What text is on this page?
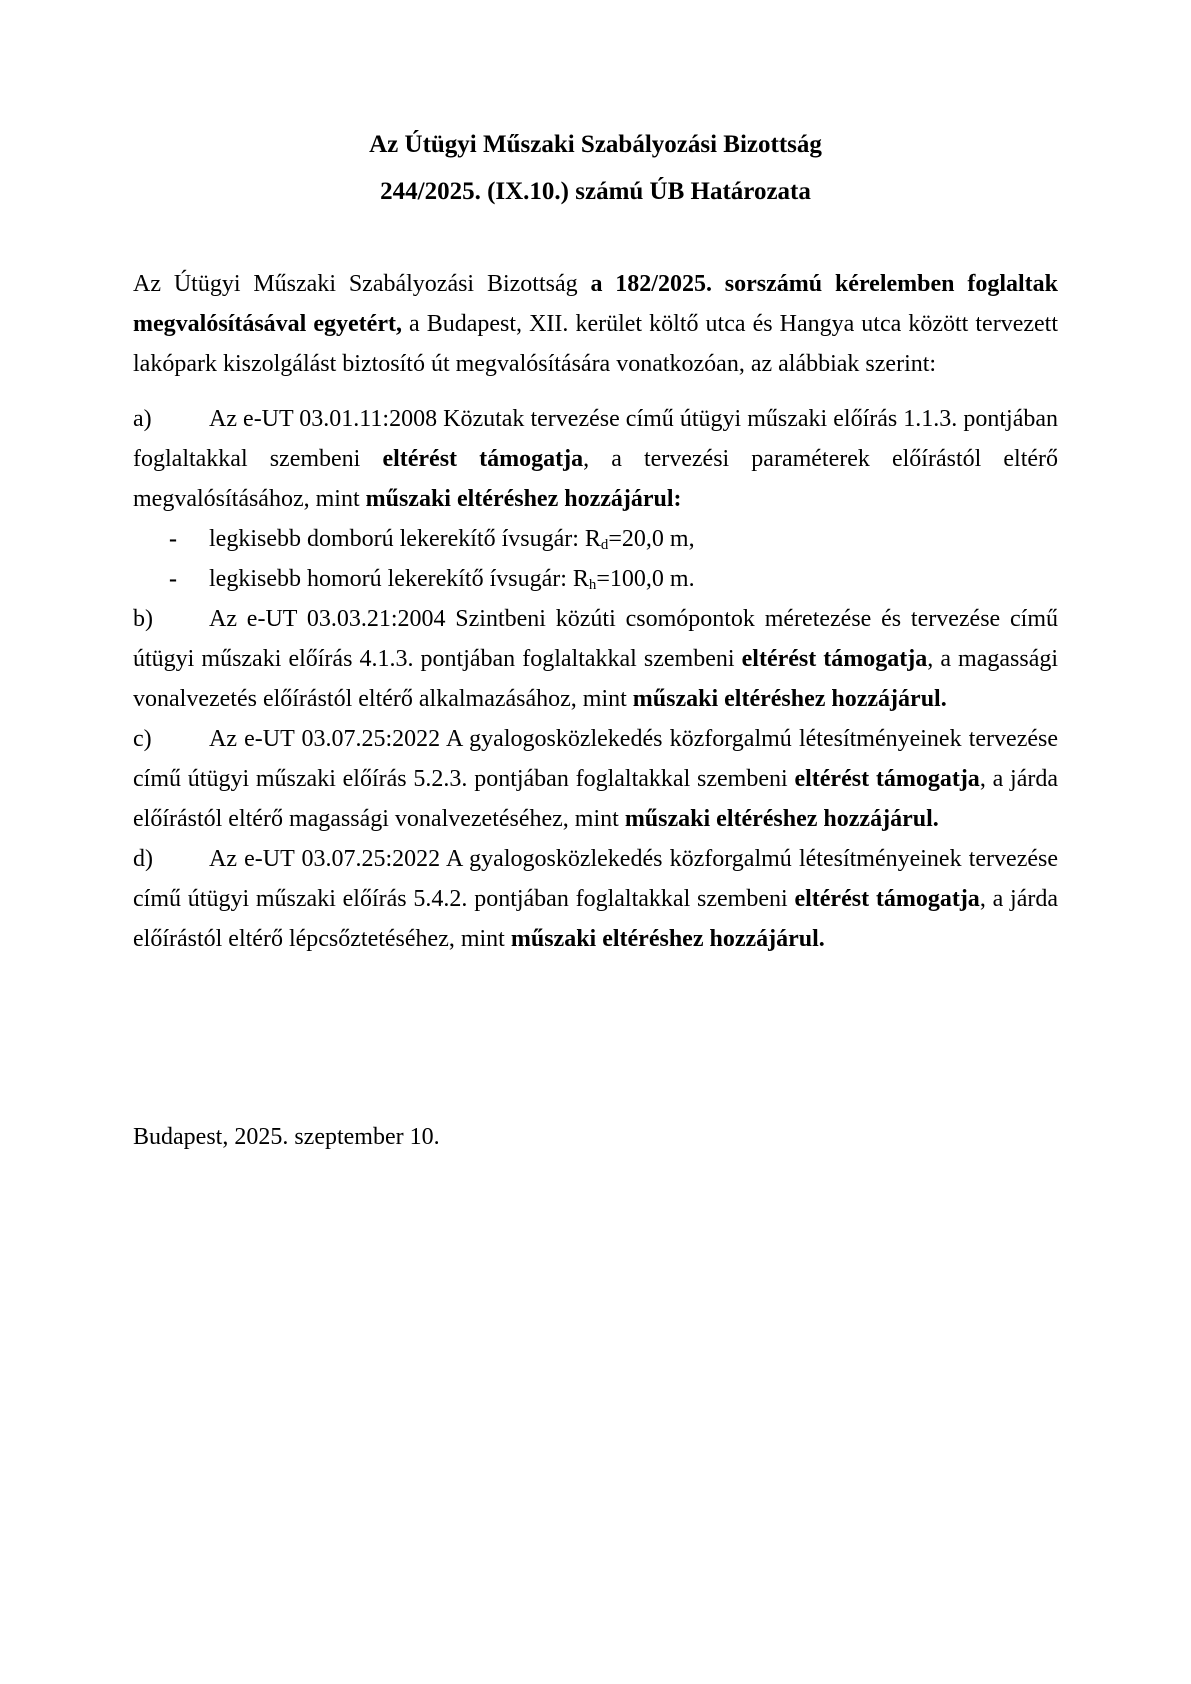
Az Útügyi Műszaki Szabályozási Bizottság

244/2025. (IX.10.) számú ÚB Határozata

Az Útügyi Műszaki Szabályozási Bizottság a 182/2025. sorszámú kérelemben foglaltak megvalósításával egyetért, a Budapest, XII. kerület költő utca és Hangya utca között tervezett lakópark kiszolgálást biztosító út megvalósítására vonatkozóan, az alábbiak szerint:

a) Az e-UT 03.01.11:2008 Közutak tervezése című útügyi műszaki előírás 1.1.3. pontjában foglaltakkal szembeni eltérést támogatja, a tervezési paraméterek előírástól eltérő megvalósításához, mint műszaki eltéréshez hozzájárul:

- legkisebb domború lekerekítő ívsugár: $R_d=20,0$ m,
- legkisebb homorú lekerekítő ívsugár: $R_h=100,0$ m.

b) Az e-UT 03.03.21:2004 Szintbeni közúti csomópontok méretezése és tervezése című útügyi műszaki előírás 4.1.3. pontjában foglaltakkal szembeni eltérést támogatja, a magassági vonalvezetés előírástól eltérő alkalmazásához, mint műszaki eltéréshez hozzájárul.

c) Az e-UT 03.07.25:2022 A gyalogosközlekedés közforgalmú létesítményeinek tervezése című útügyi műszaki előírás 5.2.3. pontjában foglaltakkal szembeni eltérést támogatja, a járda előírástól eltérő magassági vonalvezetéséhez, mint műszaki eltéréshez hozzájárul.

d) Az e-UT 03.07.25:2022 A gyalogosközlekedés közforgalmú létesítményeinek tervezése című útügyi műszaki előírás 5.4.2. pontjában foglaltakkal szembeni eltérést támogatja, a járda előírástól eltérő lépcsőztetéséhez, mint műszaki eltéréshez hozzájárul.

Budapest, 2025. szeptember 10.
